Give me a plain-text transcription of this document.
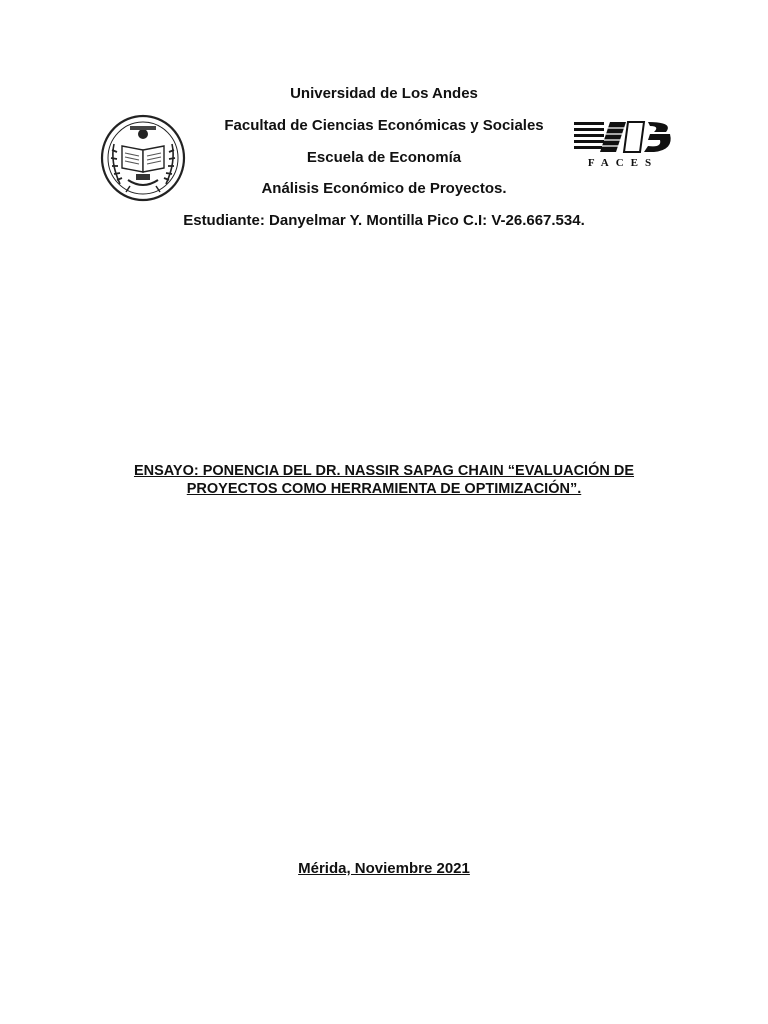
Universidad de Los Andes
Facultad de Ciencias Económicas y Sociales
Escuela de Economía
Análisis Económico de Proyectos.
Estudiante: Danyelmar Y. Montilla Pico C.I: V-26.667.534.
FACES
ENSAYO: PONENCIA DEL DR. NASSIR SAPAG CHAIN “EVALUACIÓN DE PROYECTOS COMO HERRAMIENTA DE OPTIMIZACIÓN”.
Mérida, Noviembre 2021
